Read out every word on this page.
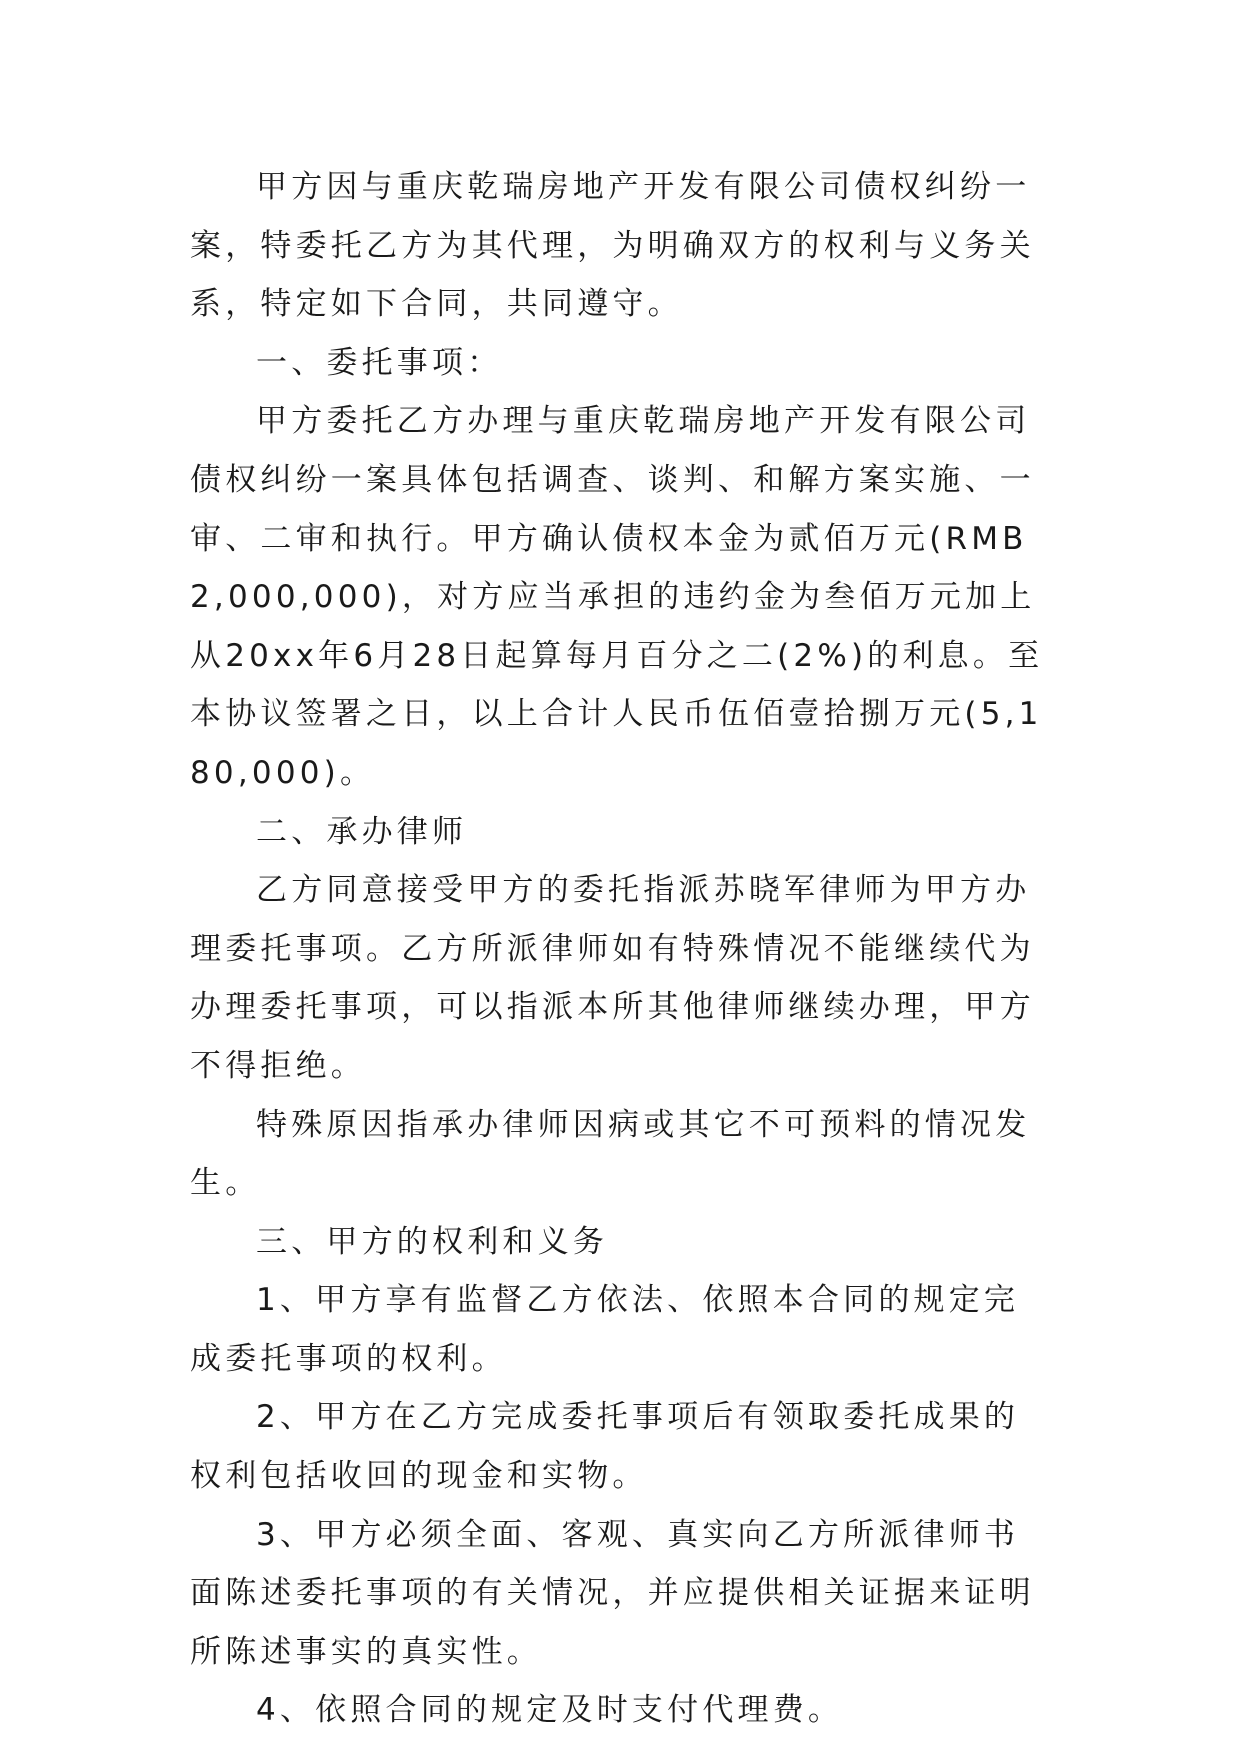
甲方因与重庆乾瑞房地产开发有限公司债权纠纷一案，特委托乙方为其代理，为明确双方的权利与义务关系，特定如下合同，共同遵守。

一、委托事项：

甲方委托乙方办理与重庆乾瑞房地产开发有限公司债权纠纷一案具体包括调查、谈判、和解方案实施、一审、二审和执行。甲方确认债权本金为贰佰万元(RMB2,000,000)，对方应当承担的违约金为叁佰万元加上从20xx年6月28日起算每月百分之二(2%)的利息。至本协议签署之日，以上合计人民币伍佰壹拾捌万元(5,180,000)。

二、承办律师

乙方同意接受甲方的委托指派苏晓军律师为甲方办理委托事项。乙方所派律师如有特殊情况不能继续代为办理委托事项，可以指派本所其他律师继续办理，甲方不得拒绝。

特殊原因指承办律师因病或其它不可预料的情况发生。

三、甲方的权利和义务

1、甲方享有监督乙方依法、依照本合同的规定完成委托事项的权利。

2、甲方在乙方完成委托事项后有领取委托成果的权利包括收回的现金和实物。

3、甲方必须全面、客观、真实向乙方所派律师书面陈述委托事项的有关情况，并应提供相关证据来证明所陈述事实的真实性。

4、依照合同的规定及时支付代理费。
